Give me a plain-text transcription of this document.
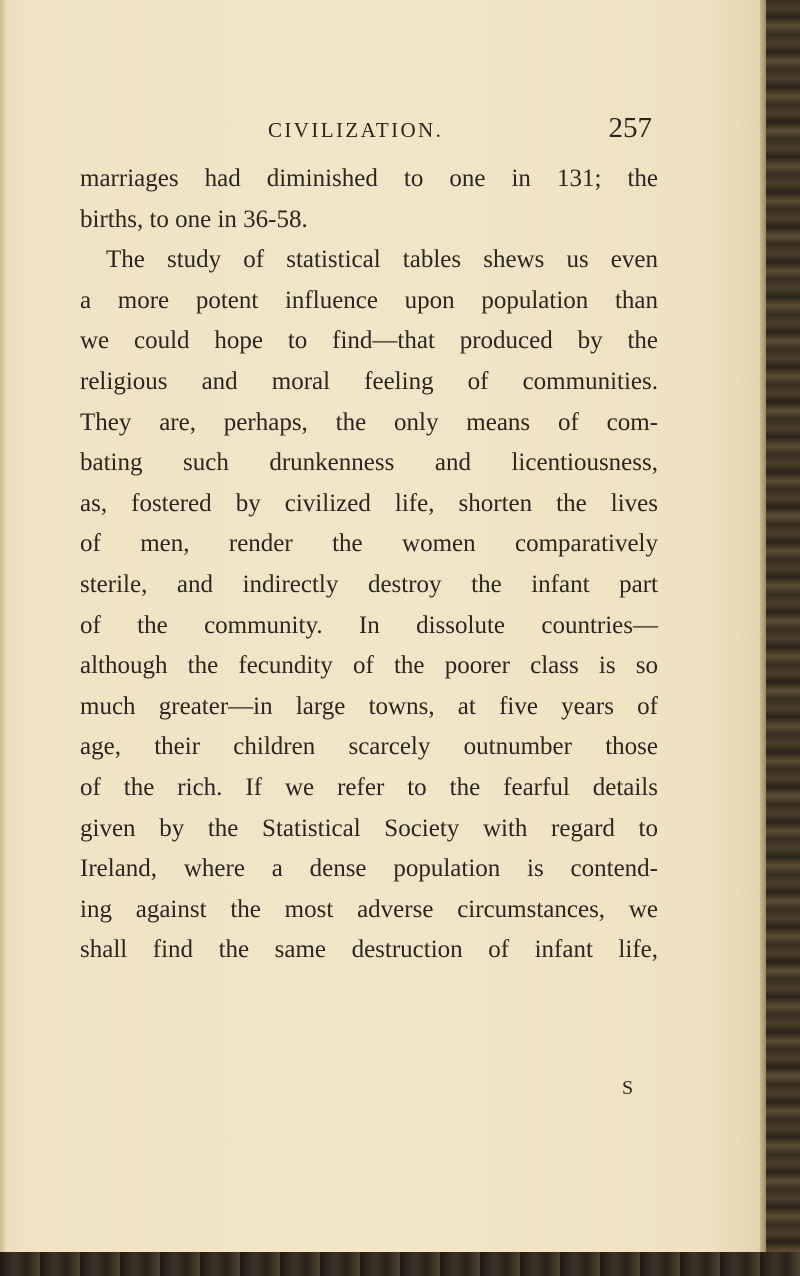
CIVILIZATION.	257
marriages had diminished to one in 131; the
births, to one in 36-58.
The study of statistical tables shews us even
a more potent influence upon population than
we could hope to find—that produced by the
religious and moral feeling of communities.
They are, perhaps, the only means of com-
bating such drunkenness and licentiousness,
as, fostered by civilized life, shorten the lives
of men, render the women comparatively
sterile, and indirectly destroy the infant part
of the community. In dissolute countries—
although the fecundity of the poorer class is so
much greater—in large towns, at five years of
age, their children scarcely outnumber those
of the rich. If we refer to the fearful details
given by the Statistical Society with regard to
Ireland, where a dense population is contend-
ing against the most adverse circumstances, we
shall find the same destruction of infant life,
S
